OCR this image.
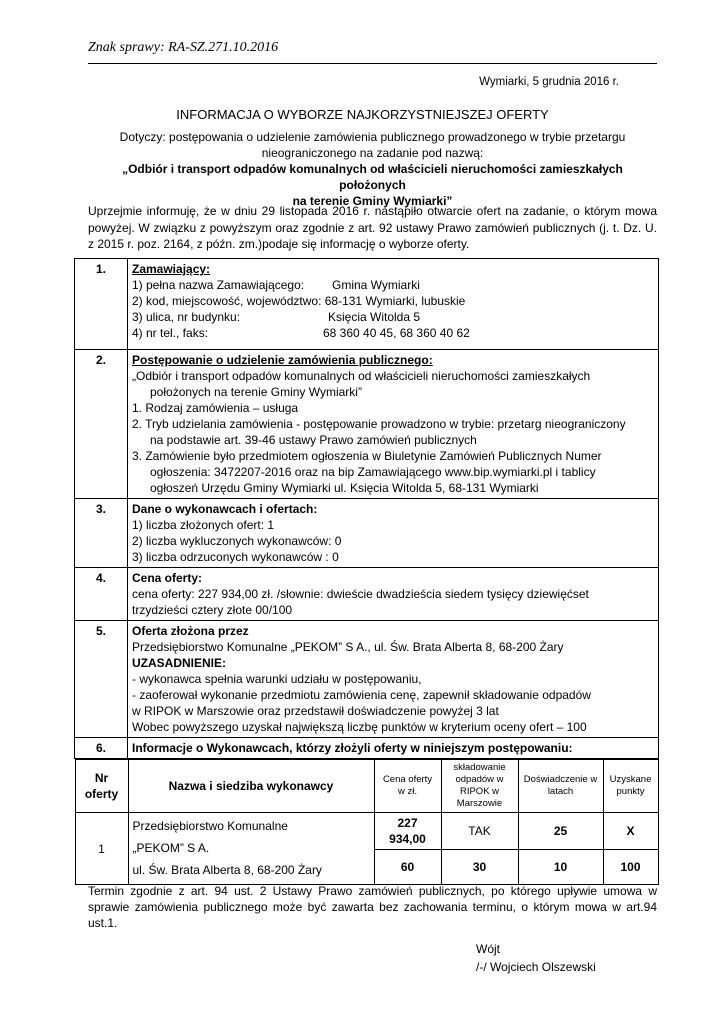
Znak sprawy: RA-SZ.271.10.2016
Wymiarki, 5 grudnia 2016 r.
INFORMACJA O WYBORZE NAJKORZYSTNIEJSZEJ OFERTY
Dotyczy: postępowania o udzielenie zamówienia publicznego prowadzonego w trybie przetargu
nieograniczonego na zadanie pod nazwą:
„Odbiór i transport odpadów komunalnych od właścicieli nieruchomości zamieszkałych położonych
na terenie Gminy Wymiarki”
Uprzejmie informuję, że w dniu 29 listopada 2016 r. nastąpiło otwarcie ofert na zadanie, o którym mowa powyżej. W związku z powyższym oraz zgodnie z art. 92 ustawy Prawo zamówień publicznych (j. t. Dz. U. z 2015 r. poz. 2164, z późn. zm.)podaje się informację o wyborze oferty.
1.	Zamawiający:
1) pełna nazwa Zamawiającego: Gmina Wymiarki
2) kod, miejscowość, województwo: 68-131 Wymiarki, lubuskie
3) ulica, nr budynku:	Księcia Witolda 5
4) nr tel., faks:	68 360 40 45, 68 360 40 62

2.	Postępowanie o udzielenie zamówienia publicznego:
„Odbiór i transport odpadów komunalnych od właścicieli nieruchomości zamieszkałych
położonych na terenie Gminy Wymiarki”
1. Rodzaj zamówienia – usługa
2. Tryb udzielania zamówienia - postępowanie prowadzono w trybie: przetarg nieograniczony
na podstawie art. 39-46 ustawy Prawo zamówień publicznych
3. Zamówienie było przedmiotem ogłoszenia w Biuletynie Zamówień Publicznych Numer
ogłoszenia: 3472207-2016 oraz na bip Zamawiającego www.bip.wymiarki.pl i tablicy
ogłoszeń Urzędu Gminy Wymiarki ul. Księcia Witolda 5, 68-131 Wymiarki

3.	Dane o wykonawcach i ofertach:
1) liczba złożonych ofert: 1
2) liczba wykluczonych wykonawców: 0
3) liczba odrzuconych wykonawców : 0

4.	Cena oferty:
cena oferty: 227 934,00 zł. /słownie: dwieście dwadzieścia siedem tysięcy dziewięćset
trzydzieści cztery złote 00/100

5.	Oferta złożona przez
Przedsiębiorstwo Komunalne „PEKOM” S A., ul. Św. Brata Alberta 8, 68-200 Żary
UZASADNIENIE:
- wykonawca spełnia warunki udziału w postępowaniu,
- zaoferował wykonanie przedmiotu zamówienia cenę, zapewnił składowanie odpadów
w RIPOK w Marszowie oraz przedstawił doświadczenie powyżej 3 lat
Wobec powyższego uzyskał największą liczbę punktów w kryterium oceny ofert – 100

6.	Informacje o Wykonawcach, którzy złożyli oferty w niniejszym postępowaniu:

Nr oferty	Nazwa i siedziba wykonawcy	Cena oferty w zł.	składowanie odpadów w RIPOK w Marszowie	Doświadczenie w latach	Uzyskane punkty
1	
Przedsiębiorstwo Komunalne
„PEKOM” S A.
ul. Św. Brata Alberta 8, 68-200 Żary
	227 934,00	TAK	25	X
60	30	10	100
Termin zgodnie z art. 94 ust. 2 Ustawy Prawo zamówień publicznych, po którego upływie umowa w sprawie zamówienia publicznego może być zawarta bez zachowania terminu, o którym mowa w art.94 ust.1.
Wójt
/-/ Wojciech Olszewski
